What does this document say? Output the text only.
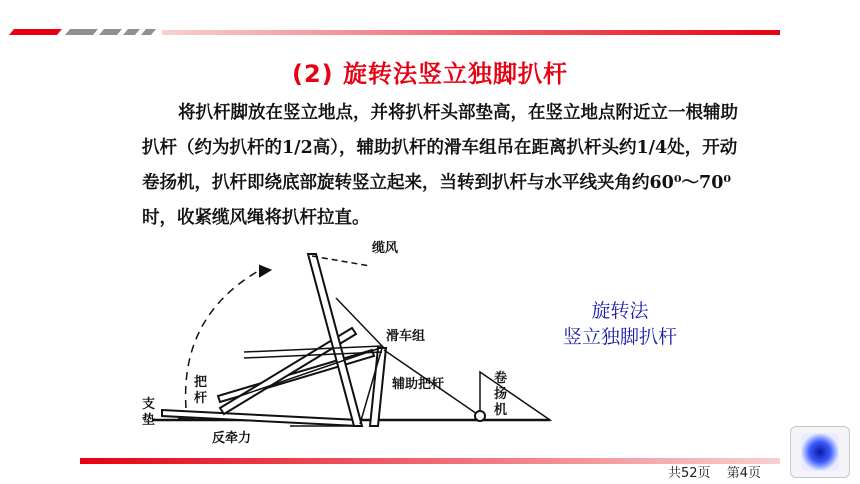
(2) 旋转法竖立独脚扒杆

将扒杆脚放在竖立地点，并将扒杆头部垫高，在竖立地点附近立一根辅助扒杆（约为扒杆的1/2高），辅助扒杆的滑车组吊在距离扒杆头约1/4处，开动卷扬机，扒杆即绕底部旋转竖立起来，当转到扒杆与水平线夹角约60⁰～70⁰时，收紧缆风绳将扒杆拉直。

缆风
滑车组
辅助把杆
把
杆
支
垫
反牵力
卷
扬
机
旋转法
竖立独脚扒杆
共52页 第4页
